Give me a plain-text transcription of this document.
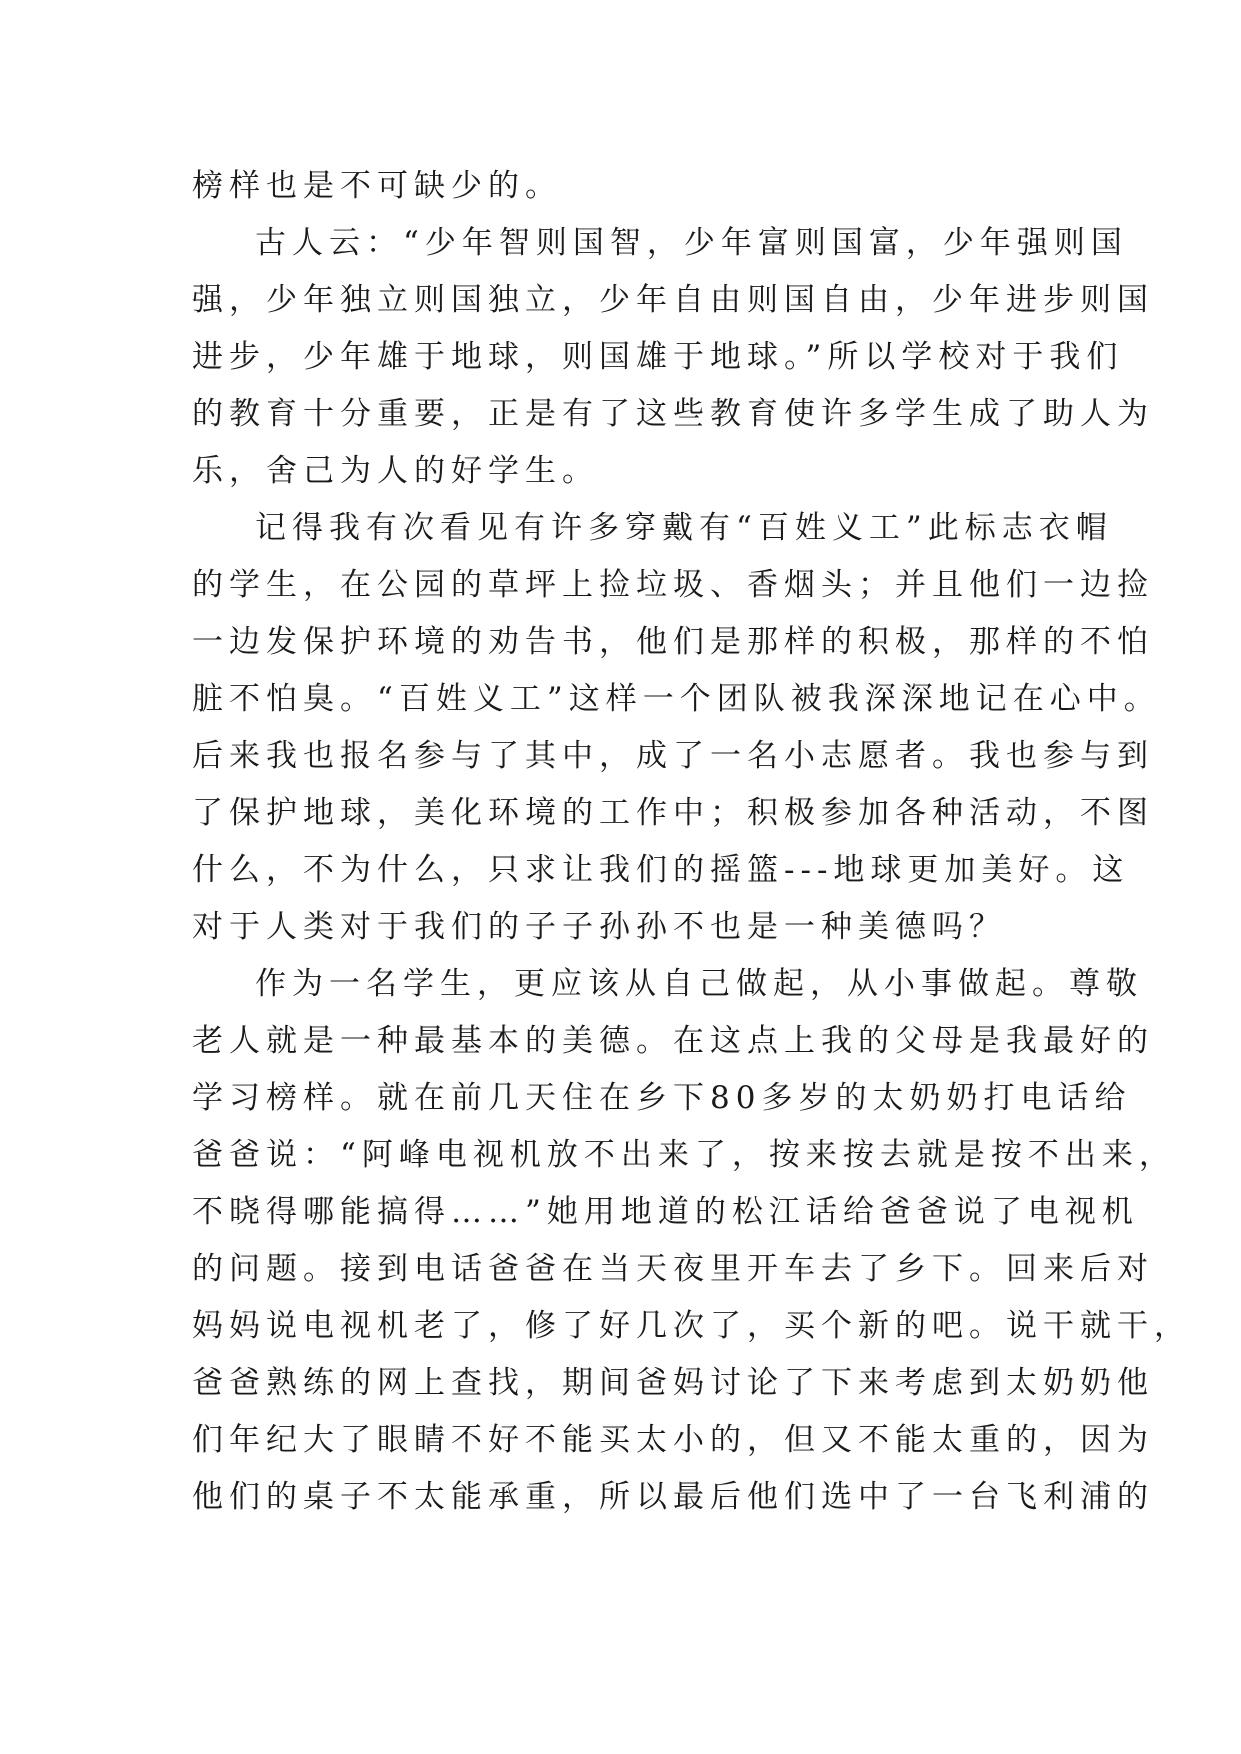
榜样也是不可缺少的。
古人云：“少年智则国智，少年富则国富，少年强则国
强，少年独立则国独立，少年自由则国自由，少年进步则国
进步，少年雄于地球，则国雄于地球。”所以学校对于我们
的教育十分重要，正是有了这些教育使许多学生成了助人为
乐，舍己为人的好学生。
记得我有次看见有许多穿戴有“百姓义工”此标志衣帽
的学生，在公园的草坪上捡垃圾、香烟头；并且他们一边捡
一边发保护环境的劝告书，他们是那样的积极，那样的不怕
脏不怕臭。“百姓义工”这样一个团队被我深深地记在心中。
后来我也报名参与了其中，成了一名小志愿者。我也参与到
了保护地球，美化环境的工作中；积极参加各种活动，不图
什么，不为什么，只求让我们的摇篮---地球更加美好。这
对于人类对于我们的子子孙孙不也是一种美德吗？
作为一名学生，更应该从自己做起，从小事做起。尊敬
老人就是一种最基本的美德。在这点上我的父母是我最好的
学习榜样。就在前几天住在乡下80多岁的太奶奶打电话给
爸爸说：“阿峰电视机放不出来了，按来按去就是按不出来，
不晓得哪能搞得……”她用地道的松江话给爸爸说了电视机
的问题。接到电话爸爸在当天夜里开车去了乡下。回来后对
妈妈说电视机老了，修了好几次了，买个新的吧。说干就干，
爸爸熟练的网上查找，期间爸妈讨论了下来考虑到太奶奶他
们年纪大了眼睛不好不能买太小的，但又不能太重的，因为
他们的桌子不太能承重，所以最后他们选中了一台飞利浦的
